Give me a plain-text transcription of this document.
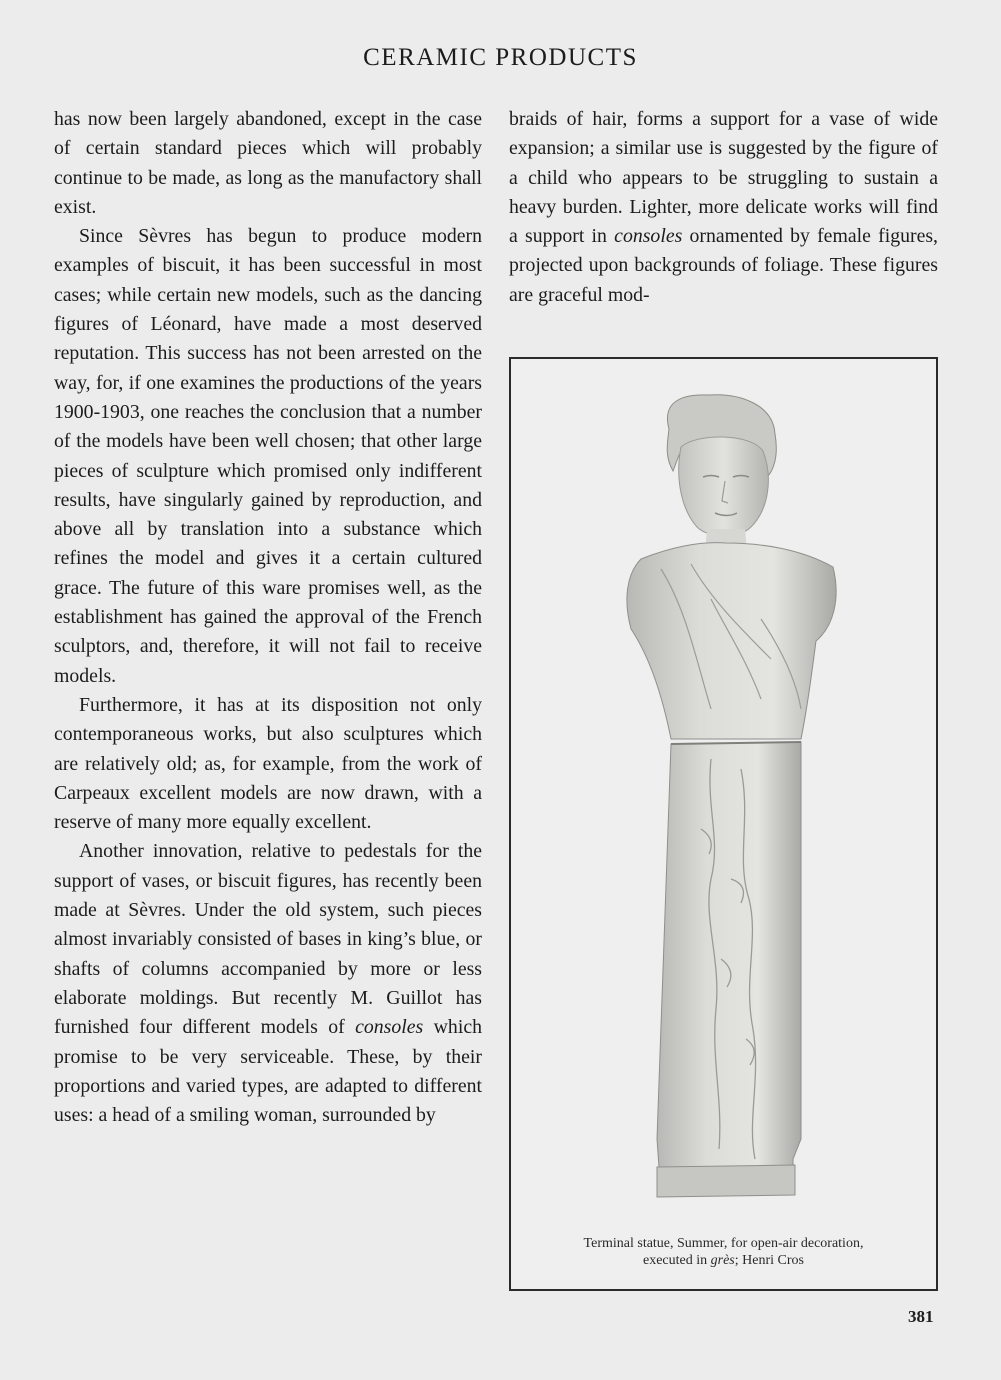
CERAMIC PRODUCTS

has now been largely abandoned, except in the case of certain standard pieces which will probably continue to be made, as long as the manufactory shall exist.

Since Sèvres has begun to produce modern examples of biscuit, it has been successful in most cases; while certain new models, such as the dancing figures of Léonard, have made a most deserved reputation. This success has not been arrested on the way, for, if one examines the productions of the years 1900-1903, one reaches the conclusion that a number of the models have been well chosen; that other large pieces of sculpture which promised only indifferent results, have singularly gained by reproduction, and above all by translation into a substance which refines the model and gives it a certain cultured grace. The future of this ware promises well, as the establishment has gained the approval of the French sculptors, and, therefore, it will not fail to receive models.

Furthermore, it has at its disposition not only contemporaneous works, but also sculptures which are relatively old; as, for example, from the work of Carpeaux excellent models are now drawn, with a reserve of many more equally excellent.

Another innovation, relative to pedestals for the support of vases, or biscuit figures, has recently been made at Sèvres. Under the old system, such pieces almost invariably consisted of bases in king’s blue, or shafts of columns accompanied by more or less elaborate moldings. But recently M. Guillot has furnished four different models of consoles which promise to be very serviceable. These, by their proportions and varied types, are adapted to different uses: a head of a smiling woman, surrounded by

braids of hair, forms a support for a vase of wide expansion; a similar use is suggested by the figure of a child who appears to be struggling to sustain a heavy burden. Lighter, more delicate works will find a support in consoles ornamented by female figures, projected upon backgrounds of foliage. These figures are graceful mod-

Terminal statue, Summer, for open-air decoration,
executed in grès; Henri Cros
381
